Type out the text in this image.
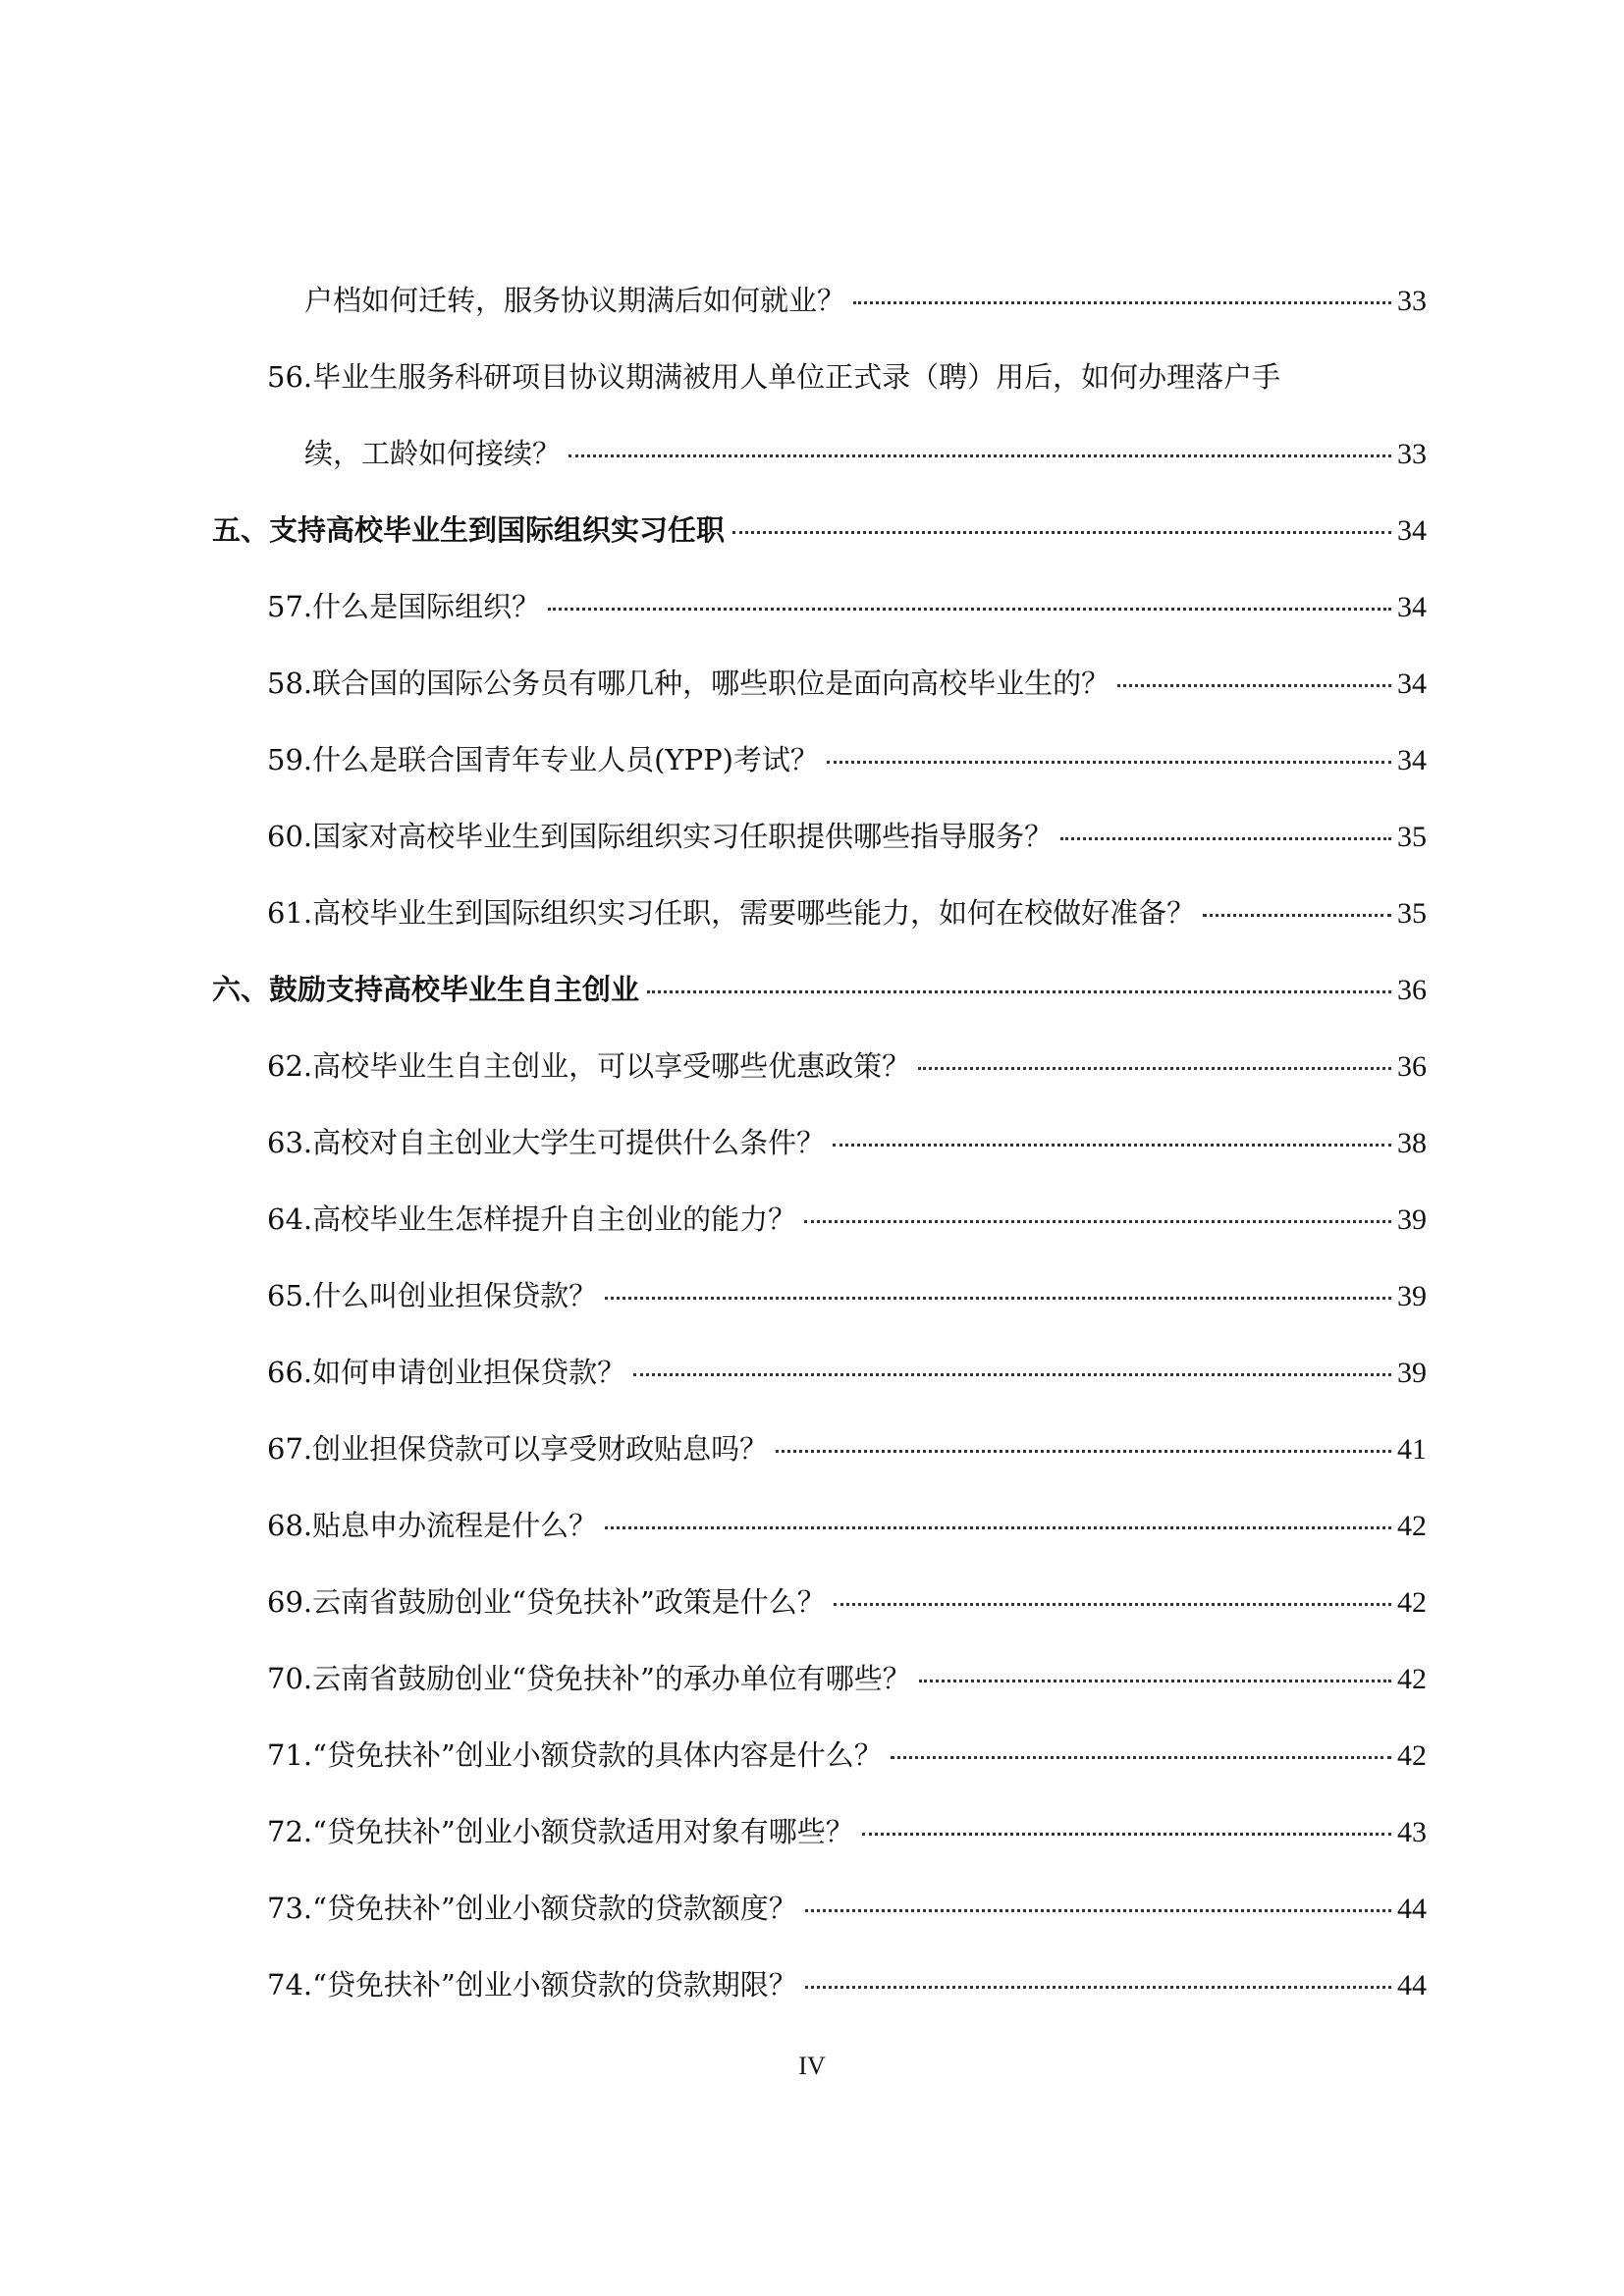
户档如何迁转，服务协议期满后如何就业？	33
56.毕业生服务科研项目协议期满被用人单位正式录（聘）用后，如何办理落户手
续，工龄如何接续？	33
五、支持高校毕业生到国际组织实习任职	34
57.什么是国际组织？	34
58.联合国的国际公务员有哪几种，哪些职位是面向高校毕业生的？	34
59.什么是联合国青年专业人员(YPP)考试？	34
60.国家对高校毕业生到国际组织实习任职提供哪些指导服务？	35
61.高校毕业生到国际组织实习任职，需要哪些能力，如何在校做好准备？	35
六、鼓励支持高校毕业生自主创业	36
62.高校毕业生自主创业，可以享受哪些优惠政策？	36
63.高校对自主创业大学生可提供什么条件？	38
64.高校毕业生怎样提升自主创业的能力？	39
65.什么叫创业担保贷款？	39
66.如何申请创业担保贷款？	39
67.创业担保贷款可以享受财政贴息吗？	41
68.贴息申办流程是什么？	42
69.云南省鼓励创业“贷免扶补”政策是什么？	42
70.云南省鼓励创业“贷免扶补”的承办单位有哪些？	42
71.“贷免扶补”创业小额贷款的具体内容是什么？	42
72.“贷免扶补”创业小额贷款适用对象有哪些？	43
73.“贷免扶补”创业小额贷款的贷款额度？	44
74.“贷免扶补”创业小额贷款的贷款期限？	44
IV
